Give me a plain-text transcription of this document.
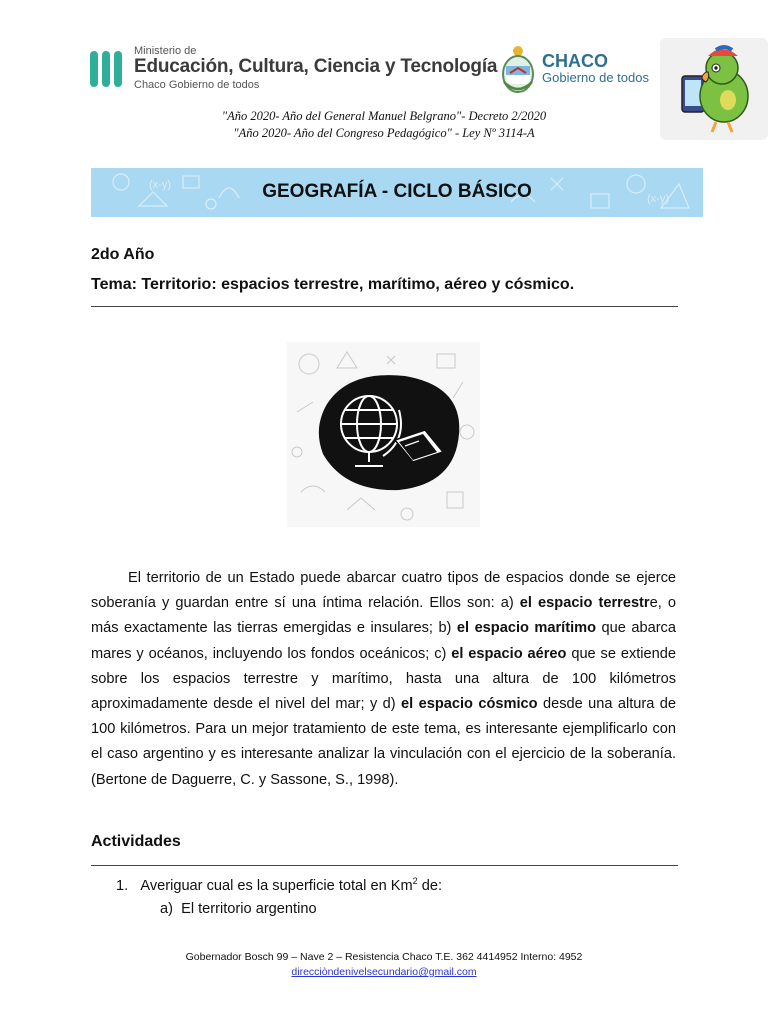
Ministerio de
Educación, Cultura, Ciencia y Tecnología
Chaco Gobierno de todos
CHACO
Gobierno de todos
"Año 2020- Año del General Manuel Belgrano"- Decreto 2/2020
"Año 2020- Año del Congreso Pedagógico" - Ley Nº 3114-A
(x-y)
(x-y)
GEOGRAFÍA - CICLO BÁSICO
2do Año
Tema: Territorio: espacios terrestre, marítimo, aéreo y cósmico.
El territorio de un Estado puede abarcar cuatro tipos de espacios donde se ejerce soberanía y guardan entre sí una íntima relación. Ellos son: a) el espacio terrestre, o más exactamente las tierras emergidas e insulares; b) el espacio marítimo que abarca mares y océanos, incluyendo los fondos oceánicos; c) el espacio aéreo que se extiende sobre los espacios terrestre y marítimo, hasta una altura de 100 kilómetros aproximadamente desde el nivel del mar; y d) el espacio cósmico desde una altura de 100 kilómetros. Para un mejor tratamiento de este tema, es interesante ejemplificarlo con el caso argentino y es interesante analizar la vinculación con el ejercicio de la soberanía. (Bertone de Daguerre, C. y Sassone, S., 1998).
Actividades
1. Averiguar cual es la superficie total en Km$^2$ de:
a) El territorio argentino
Gobernador Bosch 99 – Nave 2 – Resistencia Chaco T.E. 362 4414952 Interno: 4952
direcciòndenivelsecundario@gmail.com
